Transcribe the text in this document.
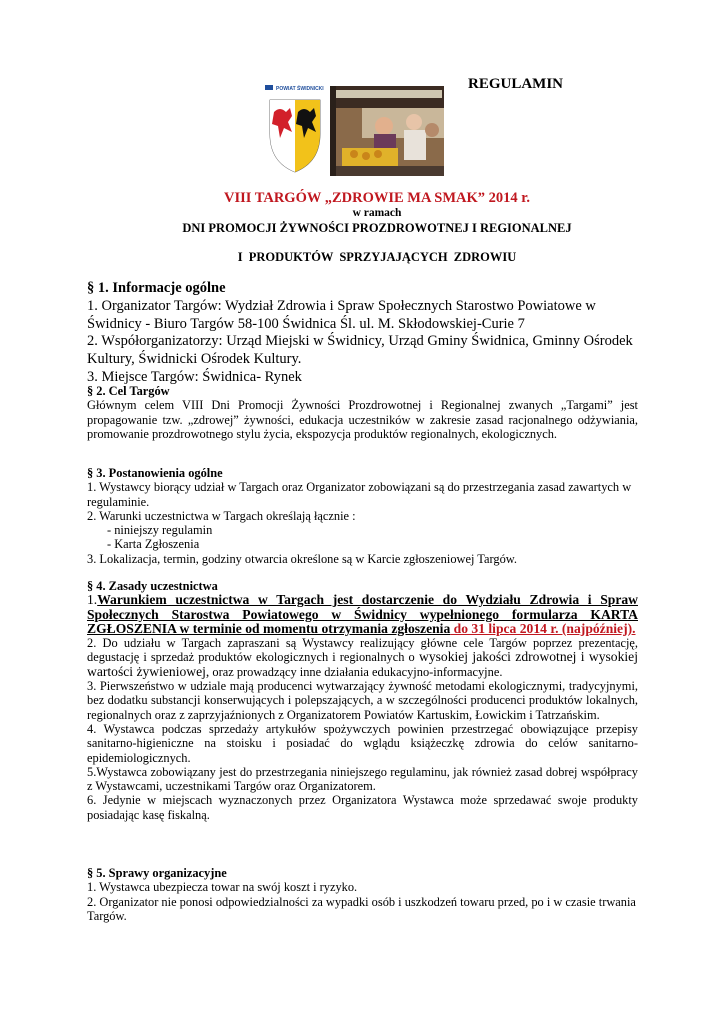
POWIAT ŚWIDNICKI	REGULAMIN
VIII TARGÓW „ZDROWIE MA SMAK” 2014 r.
w ramach
DNI PROMOCJI ŻYWNOŚCI PROZDROWOTNEJ I REGIONALNEJ
I PRODUKTÓW SPRZYJAJĄCYCH ZDROWIU

§ 1. Informacje ogólne

1. Organizator Targów: Wydział Zdrowia i Spraw Społecznych Starostwo Powiatowe w Świdnicy - Biuro Targów 58-100 Świdnica Śl. ul. M. Skłodowskiej-Curie 7

2. Współorganizatorzy: Urząd Miejski w Świdnicy, Urząd Gminy Świdnica, Gminny Ośrodek Kultury, Świdnicki Ośrodek Kultury.

3. Miejsce Targów: Świdnica- Rynek

§ 2. Cel Targów

Głównym celem VIII Dni Promocji Żywności Prozdrowotnej i Regionalnej zwanych „Targami” jest propagowanie tzw. „zdrowej” żywności, edukacja uczestników w zakresie zasad racjonalnego odżywiania, promowanie prozdrowotnego stylu życia, ekspozycja produktów regionalnych, ekologicznych.

§ 3. Postanowienia ogólne

1. Wystawcy biorący udział w Targach oraz Organizator zobowiązani są do przestrzegania zasad zawartych w regulaminie.

2. Warunki uczestnictwa w Targach określają łącznie :

- niniejszy regulamin

- Karta Zgłoszenia

3. Lokalizacja, termin, godziny otwarcia określone są w Karcie zgłoszeniowej Targów.

§ 4. Zasady uczestnictwa

1.Warunkiem uczestnictwa w Targach jest dostarczenie do Wydziału Zdrowia i Spraw Społecznych Starostwa Powiatowego w Świdnicy wypełnionego formularza KARTA ZGŁOSZENIA w terminie od momentu otrzymania zgłoszenia do 31 lipca 2014 r. (najpóźniej).

2. Do udziału w Targach zapraszani są Wystawcy realizujący główne cele Targów poprzez prezentację, degustację i sprzedaż produktów ekologicznych i regionalnych o wysokiej jakości zdrowotnej i wysokiej wartości żywieniowej, oraz prowadzący inne działania edukacyjno-informacyjne.

3. Pierwszeństwo w udziale mają producenci wytwarzający żywność metodami ekologicznymi, tradycyjnymi, bez dodatku substancji konserwujących i polepszających, a w szczególności producenci produktów lokalnych, regionalnych oraz z zaprzyjaźnionych z Organizatorem Powiatów Kartuskim, Łowickim i Tatrzańskim.

4. Wystawca podczas sprzedaży artykułów spożywczych powinien przestrzegać obowiązujące przepisy sanitarno-higieniczne na stoisku i posiadać do wglądu książeczkę zdrowia do celów sanitarno-epidemiologicznych.

5.Wystawca zobowiązany jest do przestrzegania niniejszego regulaminu, jak również zasad dobrej współpracy z Wystawcami, uczestnikami Targów oraz Organizatorem.

6. Jedynie w miejscach wyznaczonych przez Organizatora Wystawca może sprzedawać swoje produkty posiadając kasę fiskalną.

§ 5. Sprawy organizacyjne

1. Wystawca ubezpiecza towar na swój koszt i ryzyko.

2. Organizator nie ponosi odpowiedzialności za wypadki osób i uszkodzeń towaru przed, po i w czasie trwania Targów.
